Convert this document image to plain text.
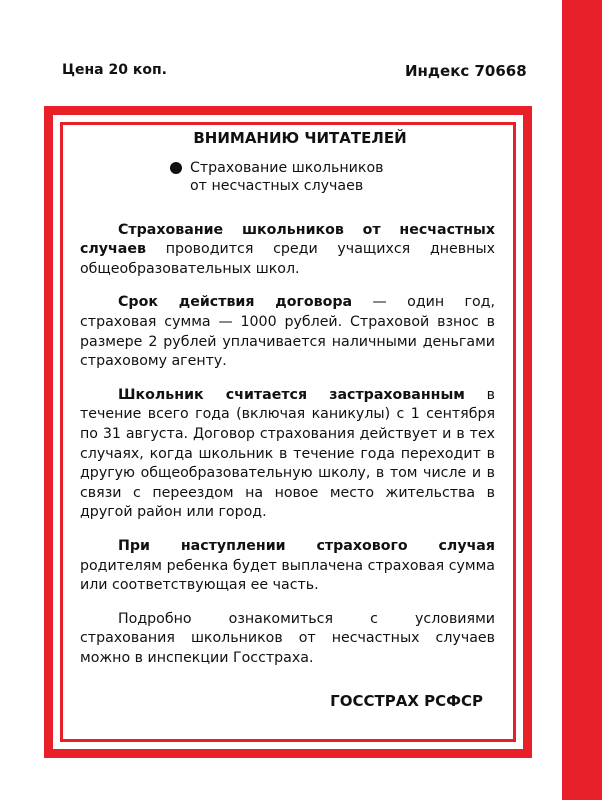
Цена 20 коп.	Индекс 70668
ВНИМАНИЮ ЧИТАТЕЛЕЙ
Страхование школьников
от несчастных случаев

Страхование школьников от несчастных случаев проводится среди учащихся дневных общеобразовательных школ.

Срок действия договора — один год, страховая сумма — 1000 рублей. Страховой взнос в размере 2 рублей уплачивается наличными деньгами страховому агенту.

Школьник считается застрахованным в течение всего года (включая каникулы) с 1 сентября по 31 августа. Договор страхования действует и в тех случаях, когда школьник в течение года переходит в другую общеобразовательную школу, в том числе и в связи с переездом на новое место жительства в другой район или город.

При наступлении страхового случая родителям ребенка будет выплачена страховая сумма или соответствующая ее часть.

Подробно ознакомиться с условиями страхования школьников от несчастных случаев можно в инспекции Госстраха.

ГОССТРАХ РСФСР
